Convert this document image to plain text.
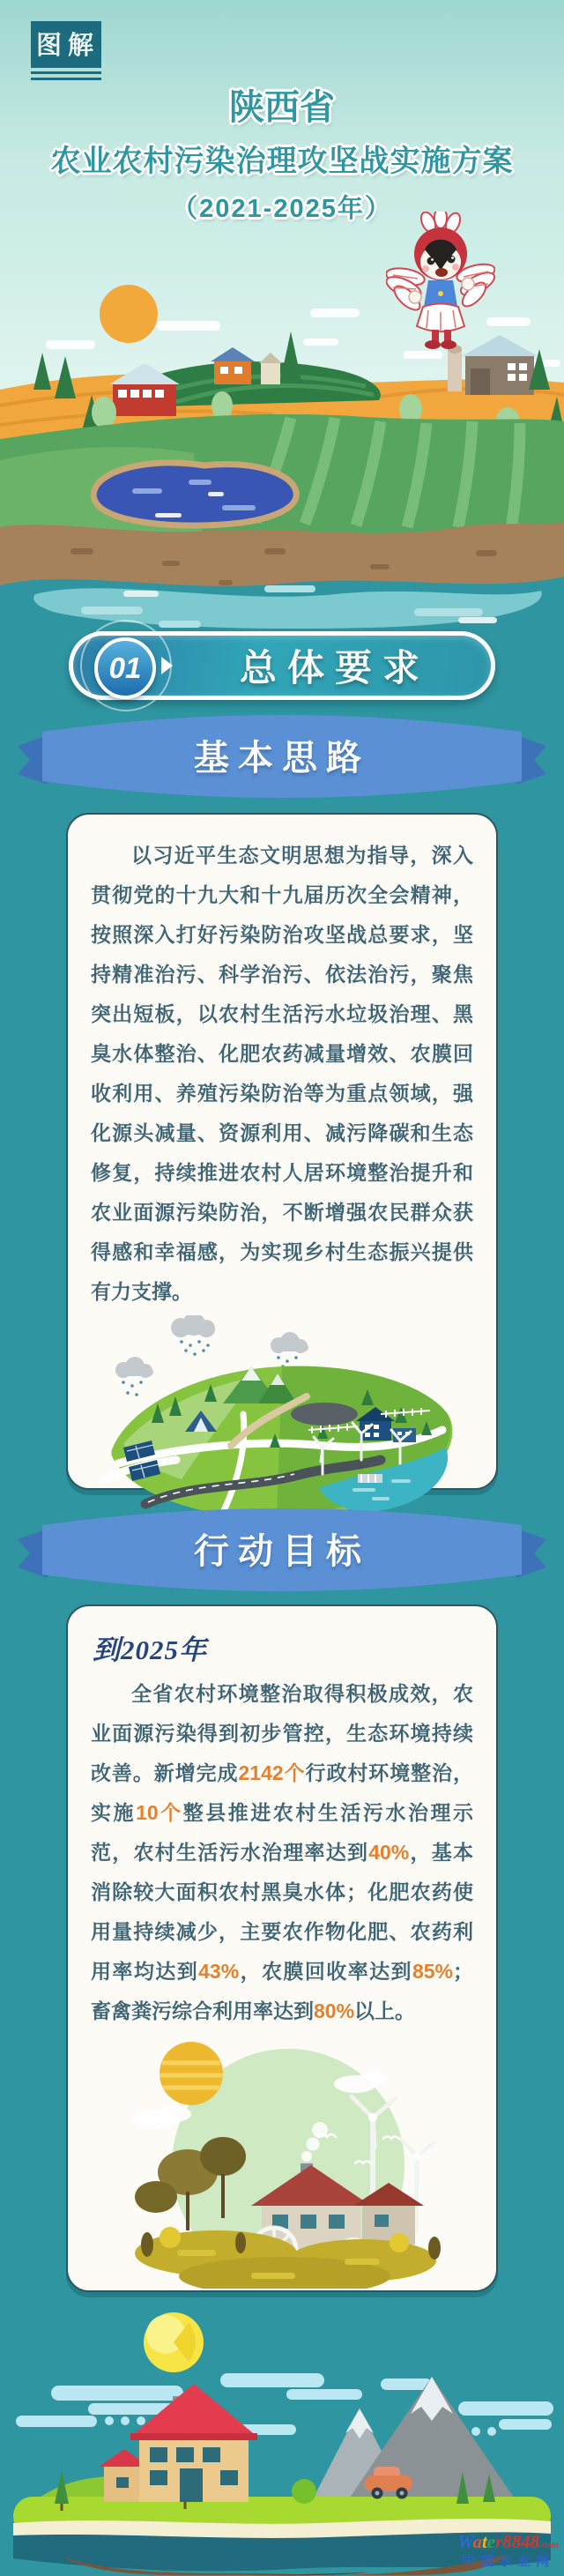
图解
陕西省
农业农村污染治理攻坚战实施方案
（2021-2025年）
01	总体要求
基本思路

以习近平生态文明思想为指导，深入贯彻党的十九大和十九届历次全会精神，按照深入打好污染防治攻坚战总要求，坚持精准治污、科学治污、依法治污，聚焦突出短板，以农村生活污水垃圾治理、黑臭水体整治、化肥农药减量增效、农膜回收利用、养殖污染防治等为重点领域，强化源头减量、资源利用、减污降碳和生态修复，持续推进农村人居环境整治提升和农业面源污染防治，不断增强农民群众获得感和幸福感，为实现乡村生态振兴提供有力支撑。

行动目标
到2025年

全省农村环境整治取得积极成效，农业面源污染得到初步管控，生态环境持续改善。新增完成2142个行政村环境整治，实施10个整县推进农村生活污水治理示范，农村生活污水治理率达到40%，基本消除较大面积农村黑臭水体；化肥农药使用量持续减少，主要农作物化肥、农药利用率均达到43%，农膜回收率达到85%；畜禽粪污综合利用率达到80%以上。

Water8848.com
中国水业网
